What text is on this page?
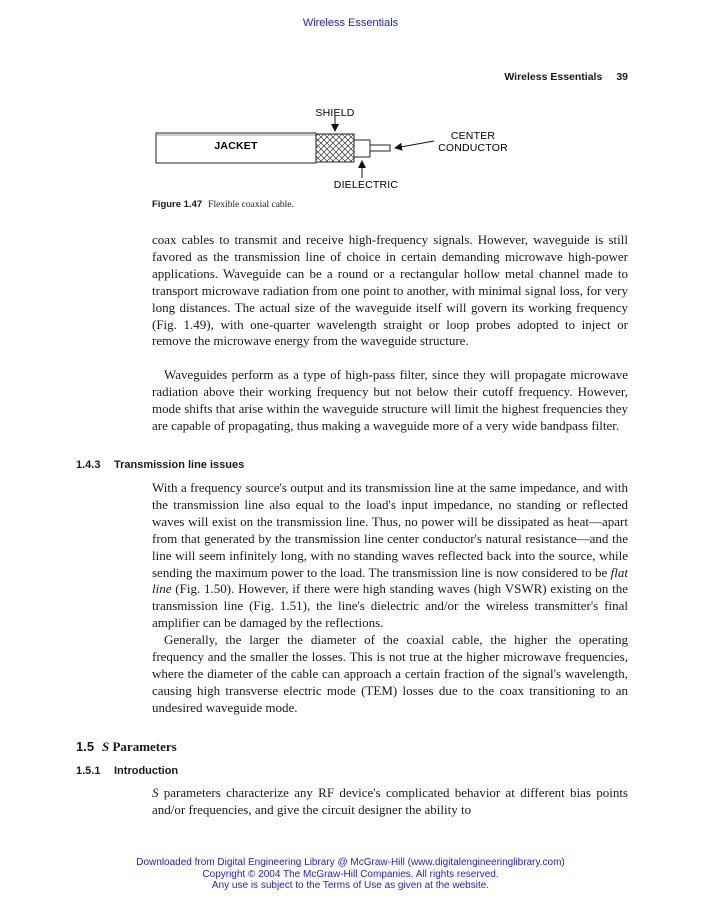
Wireless Essentials
Wireless Essentials 39
SHIELD
JACKET
CENTER
CONDUCTOR
DIELECTRIC
Figure 1.47 Flexible coaxial cable.

coax cables to transmit and receive high-frequency signals. However, waveguide is still favored as the transmission line of choice in certain demanding microwave high-power applications. Waveguide can be a round or a rectangular hollow metal channel made to transport microwave radiation from one point to another, with minimal signal loss, for very long distances. The actual size of the waveguide itself will govern its working frequency (Fig. 1.49), with one-quarter wavelength straight or loop probes adopted to inject or remove the microwave energy from the waveguide structure.

Waveguides perform as a type of high-pass filter, since they will propagate microwave radiation above their working frequency but not below their cutoff frequency. However, mode shifts that arise within the waveguide structure will limit the highest frequencies they are capable of propagating, thus making a waveguide more of a very wide bandpass filter.

1.4.3 Transmission line issues

With a frequency source's output and its transmission line at the same impedance, and with the transmission line also equal to the load's input impedance, no standing or reflected waves will exist on the transmission line. Thus, no power will be dissipated as heat—apart from that generated by the transmission line center conductor's natural resistance—and the line will seem infinitely long, with no standing waves reflected back into the source, while sending the maximum power to the load. The transmission line is now considered to be flat line (Fig. 1.50). However, if there were high standing waves (high VSWR) existing on the transmission line (Fig. 1.51), the line's dielectric and/or the wireless transmitter's final amplifier can be damaged by the reflections.

Generally, the larger the diameter of the coaxial cable, the higher the operating frequency and the smaller the losses. This is not true at the higher microwave frequencies, where the diameter of the cable can approach a certain fraction of the signal's wavelength, causing high transverse electric mode (TEM) losses due to the coax transitioning to an undesired waveguide mode.

1.5 S Parameters
1.5.1 Introduction

S parameters characterize any RF device's complicated behavior at different bias points and/or frequencies, and give the circuit designer the ability to

Downloaded from Digital Engineering Library @ McGraw-Hill (www.digitalengineeringlibrary.com)
Copyright © 2004 The McGraw-Hill Companies. All rights reserved.
Any use is subject to the Terms of Use as given at the website.
